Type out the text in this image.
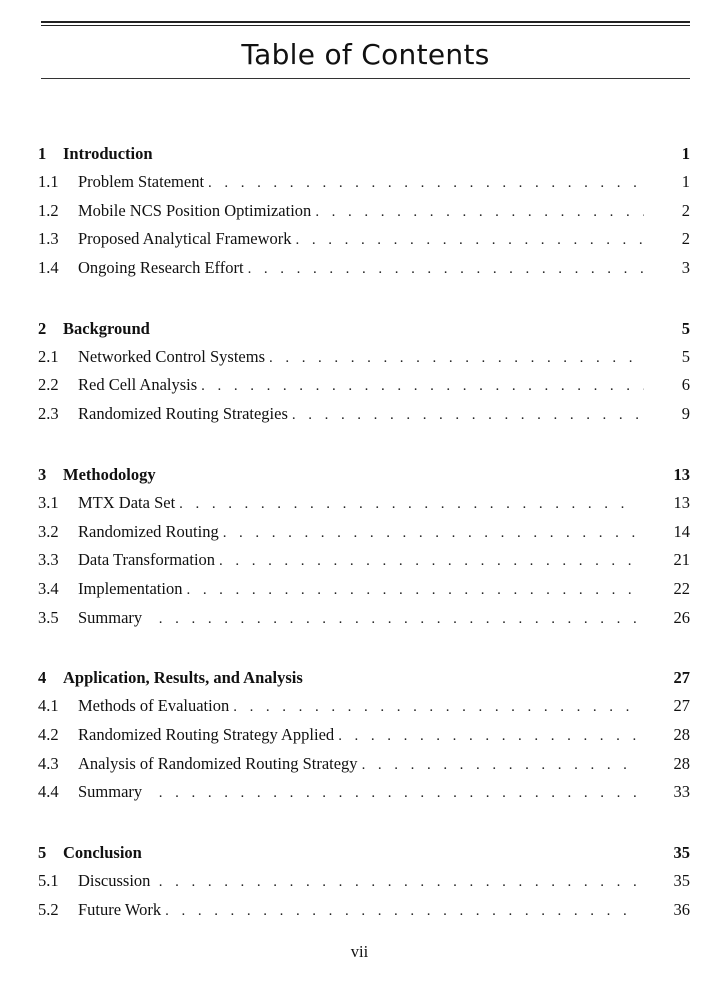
Table of Contents
1	Introduction	1
1.1	Problem Statement . . .	1
1.2	Mobile NCS Position Optimization . . .	2
1.3	Proposed Analytical Framework . . .	2
1.4	Ongoing Research Effort . . .	3
2	Background	5
2.1	Networked Control Systems . . .	5
2.2	Red Cell Analysis . . .	6
2.3	Randomized Routing Strategies . . .	9
3	Methodology	13
3.1	MTX Data Set . . .	13
3.2	Randomized Routing . . .	14
3.3	Data Transformation . . .	21
3.4	Implementation . . .	22
3.5	Summary . . .	26
4	Application, Results, and Analysis	27
4.1	Methods of Evaluation . . .	27
4.2	Randomized Routing Strategy Applied . . .	28
4.3	Analysis of Randomized Routing Strategy . . .	28
4.4	Summary . . .	33
5	Conclusion	35
5.1	Discussion . . .	35
5.2	Future Work . . .	36
vii
